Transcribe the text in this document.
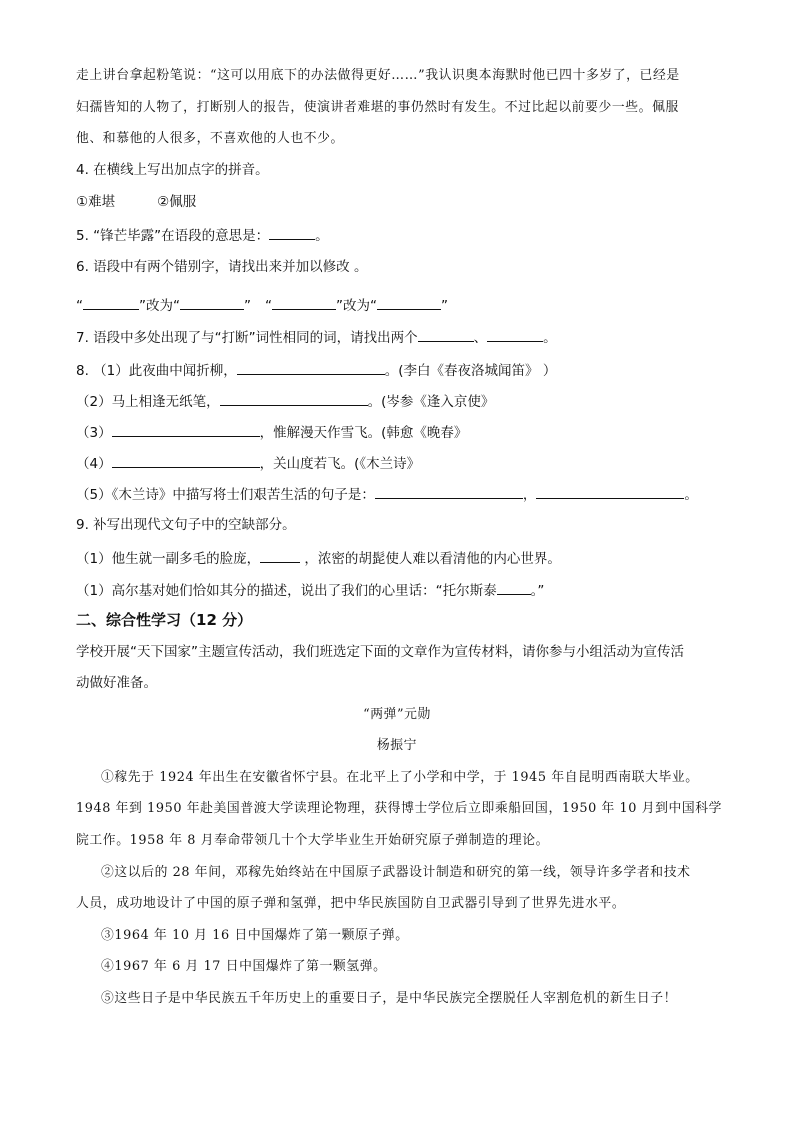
走上讲台拿起粉笔说：“这可以用底下的办法做得更好……”我认识奥本海默时他已四十多岁了，已经是
妇孺皆知的人物了，打断别人的报告，使演讲者难堪的事仍然时有发生。不过比起以前要少一些。佩服
他、和慕他的人很多，不喜欢他的人也不少。
4. 在横线上写出加点字的拼音。
①难堪	②佩服
5. “锋芒毕露”在语段的意思是：	。
6. 语段中有两个错别字，请找出来并加以修改 。
“	”改为“	” “	”改为“	”
7. 语段中多处出现了与“打断”词性相同的词，请找出两个	、	。
8. （1）此夜曲中闻折柳，	。(李白《春夜洛城闻笛》 ）
（2）马上相逢无纸笔，	。(岑参《逢入京使》
（3）	，惟解漫天作雪飞。(韩愈《晚春》
（4）	，关山度若飞。(《木兰诗》
（5）《木兰诗》中描写将士们艰苦生活的句子是：	，	。
9. 补写出现代文句子中的空缺部分。
（1）他生就一副多毛的脸庞，	，浓密的胡髭使人难以看清他的内心世界。
（1）高尔基对她们恰如其分的描述，说出了我们的心里话：“托尔斯泰	。”
二、综合性学习（12 分）
学校开展“天下国家”主题宣传活动，我们班选定下面的文章作为宣传材料，请你参与小组活动为宣传活
动做好准备。
“两弹”元勋
杨振宁
①稼先于 1924 年出生在安徽省怀宁县。在北平上了小学和中学，于 1945 年自昆明西南联大毕业。
1948 年到 1950 年赴美国普渡大学读理论物理，获得博士学位后立即乘船回国，1950 年 10 月到中国科学
院工作。1958 年 8 月奉命带领几十个大学毕业生开始研究原子弹制造的理论。
②这以后的 28 年间，邓稼先始终站在中国原子武器设计制造和研究的第一线，领导许多学者和技术
人员，成功地设计了中国的原子弹和氢弹，把中华民族国防自卫武器引导到了世界先进水平。
③1964 年 10 月 16 日中国爆炸了第一颗原子弹。
④1967 年 6 月 17 日中国爆炸了第一颗氢弹。
⑤这些日子是中华民族五千年历史上的重要日子，是中华民族完全摆脱任人宰割危机的新生日子！
